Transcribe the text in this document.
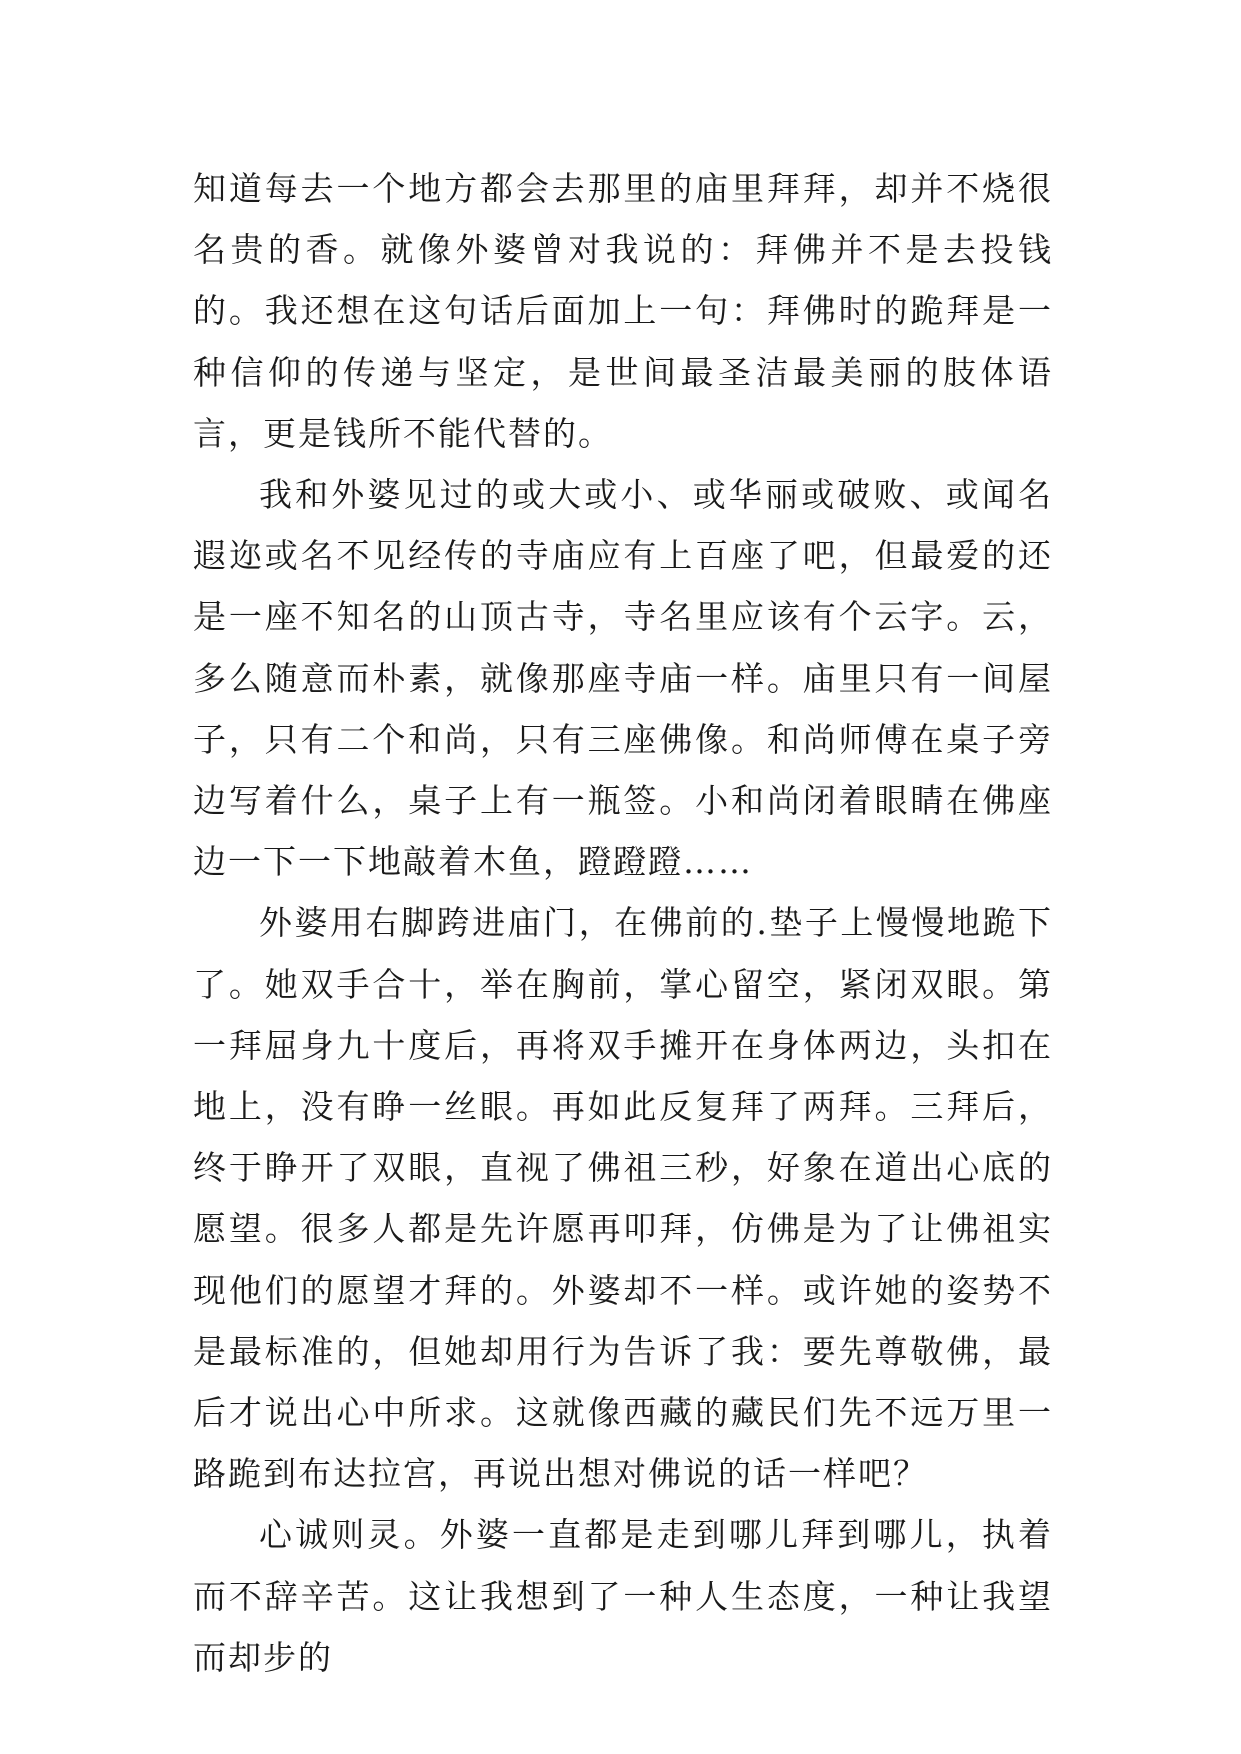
知道每去一个地方都会去那里的庙里拜拜，却并不烧很名贵的香。就像外婆曾对我说的：拜佛并不是去投钱的。我还想在这句话后面加上一句：拜佛时的跪拜是一种信仰的传递与坚定，是世间最圣洁最美丽的肢体语言，更是钱所不能代替的。

我和外婆见过的或大或小、或华丽或破败、或闻名遐迩或名不见经传的寺庙应有上百座了吧，但最爱的还是一座不知名的山顶古寺，寺名里应该有个云字。云，多么随意而朴素，就像那座寺庙一样。庙里只有一间屋子，只有二个和尚，只有三座佛像。和尚师傅在桌子旁边写着什么，桌子上有一瓶签。小和尚闭着眼睛在佛座边一下一下地敲着木鱼，蹬蹬蹬……

外婆用右脚跨进庙门，在佛前的.垫子上慢慢地跪下了。她双手合十，举在胸前，掌心留空，紧闭双眼。第一拜屈身九十度后，再将双手摊开在身体两边，头扣在地上，没有睁一丝眼。再如此反复拜了两拜。三拜后，终于睁开了双眼，直视了佛祖三秒，好象在道出心底的愿望。很多人都是先许愿再叩拜，仿佛是为了让佛祖实现他们的愿望才拜的。外婆却不一样。或许她的姿势不是最标准的，但她却用行为告诉了我：要先尊敬佛，最后才说出心中所求。这就像西藏的藏民们先不远万里一路跪到布达拉宫，再说出想对佛说的话一样吧？

心诚则灵。外婆一直都是走到哪儿拜到哪儿，执着而不辞辛苦。这让我想到了一种人生态度，一种让我望而却步的
